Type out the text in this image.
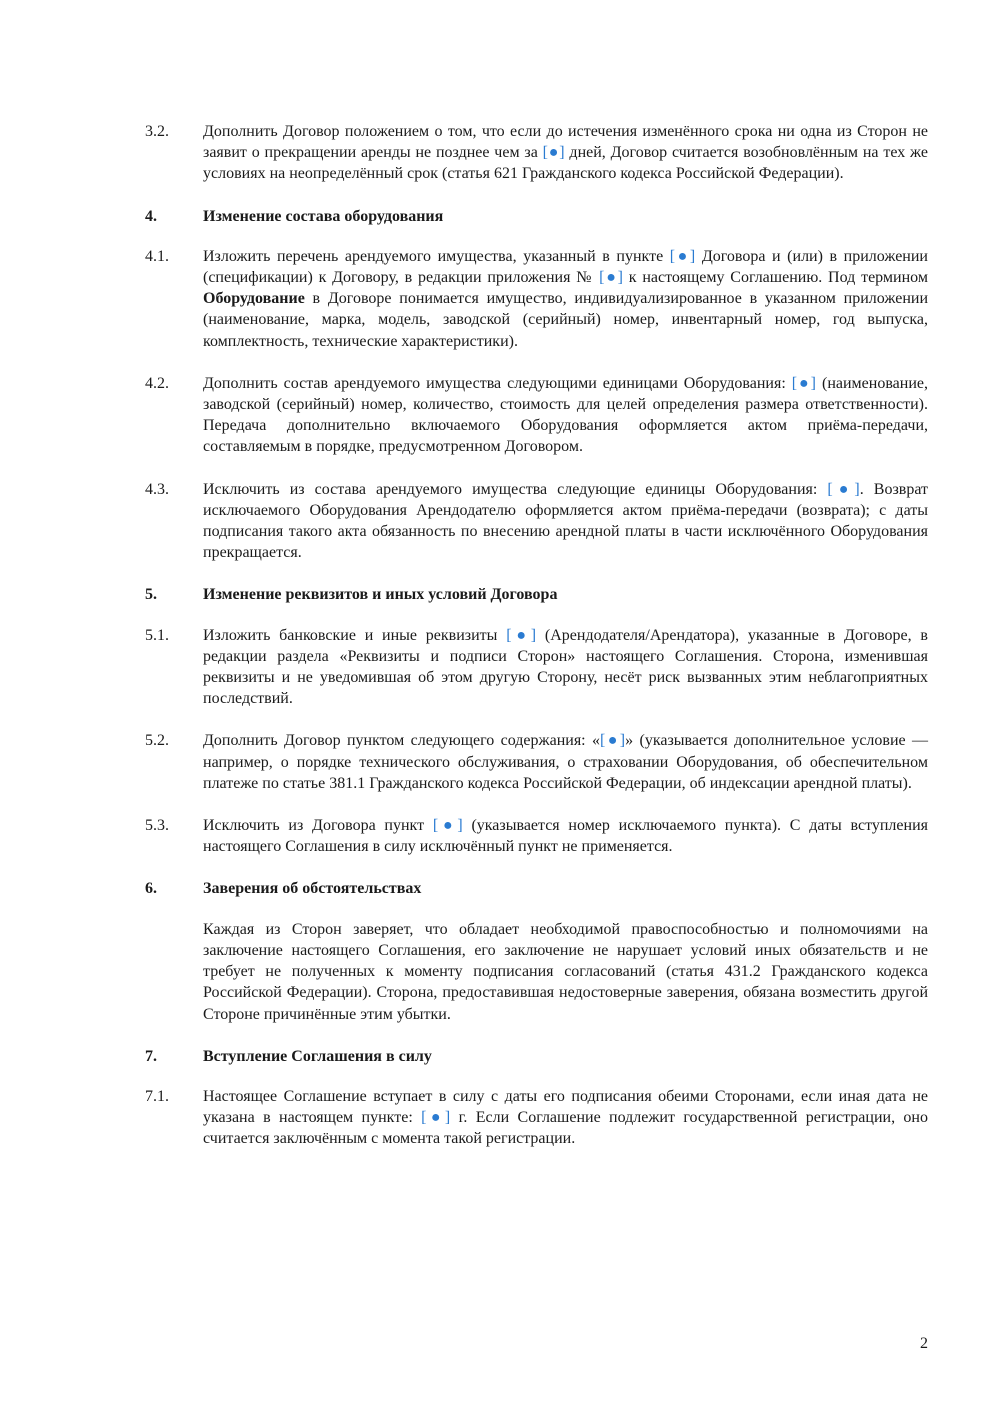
3.2.	Дополнить Договор положением о том, что если до истечения изменённого срока ни одна из Сторон не заявит о прекращении аренды не позднее чем за [●] дней, Договор считается возобновлённым на тех же условиях на неопределённый срок (статья 621 Гражданского кодекса Российской Федерации).
4.	Изменение состава оборудования
4.1.	Изложить перечень арендуемого имущества, указанный в пункте [●] Договора и (или) в приложении (спецификации) к Договору, в редакции приложения № [●] к настоящему Соглашению. Под термином Оборудование в Договоре понимается имущество, индивидуализированное в указанном приложении (наименование, марка, модель, заводской (серийный) номер, инвентарный номер, год выпуска, комплектность, технические характеристики).
4.2.	Дополнить состав арендуемого имущества следующими единицами Оборудования: [●] (наименование, заводской (серийный) номер, количество, стоимость для целей определения размера ответственности). Передача дополнительно включаемого Оборудования оформляется актом приёма-передачи, составляемым в порядке, предусмотренном Договором.
4.3.	Исключить из состава арендуемого имущества следующие единицы Оборудования: [●]. Возврат исключаемого Оборудования Арендодателю оформляется актом приёма-передачи (возврата); с даты подписания такого акта обязанность по внесению арендной платы в части исключённого Оборудования прекращается.
5.	Изменение реквизитов и иных условий Договора
5.1.	Изложить банковские и иные реквизиты [●] (Арендодателя/Арендатора), указанные в Договоре, в редакции раздела «Реквизиты и подписи Сторон» настоящего Соглашения. Сторона, изменившая реквизиты и не уведомившая об этом другую Сторону, несёт риск вызванных этим неблагоприятных последствий.
5.2.	Дополнить Договор пунктом следующего содержания: «[●]» (указывается дополнительное условие — например, о порядке технического обслуживания, о страховании Оборудования, об обеспечительном платеже по статье 381.1 Гражданского кодекса Российской Федерации, об индексации арендной платы).
5.3.	Исключить из Договора пункт [●] (указывается номер исключаемого пункта). С даты вступления настоящего Соглашения в силу исключённый пункт не применяется.
6.	Заверения об обстоятельствах
Каждая из Сторон заверяет, что обладает необходимой правоспособностью и полномочиями на заключение настоящего Соглашения, его заключение не нарушает условий иных обязательств и не требует не полученных к моменту подписания согласований (статья 431.2 Гражданского кодекса Российской Федерации). Сторона, предоставившая недостоверные заверения, обязана возместить другой Стороне причинённые этим убытки.
7.	Вступление Соглашения в силу
7.1.	Настоящее Соглашение вступает в силу с даты его подписания обеими Сторонами, если иная дата не указана в настоящем пункте: [●] г. Если Соглашение подлежит государственной регистрации, оно считается заключённым с момента такой регистрации.
2
